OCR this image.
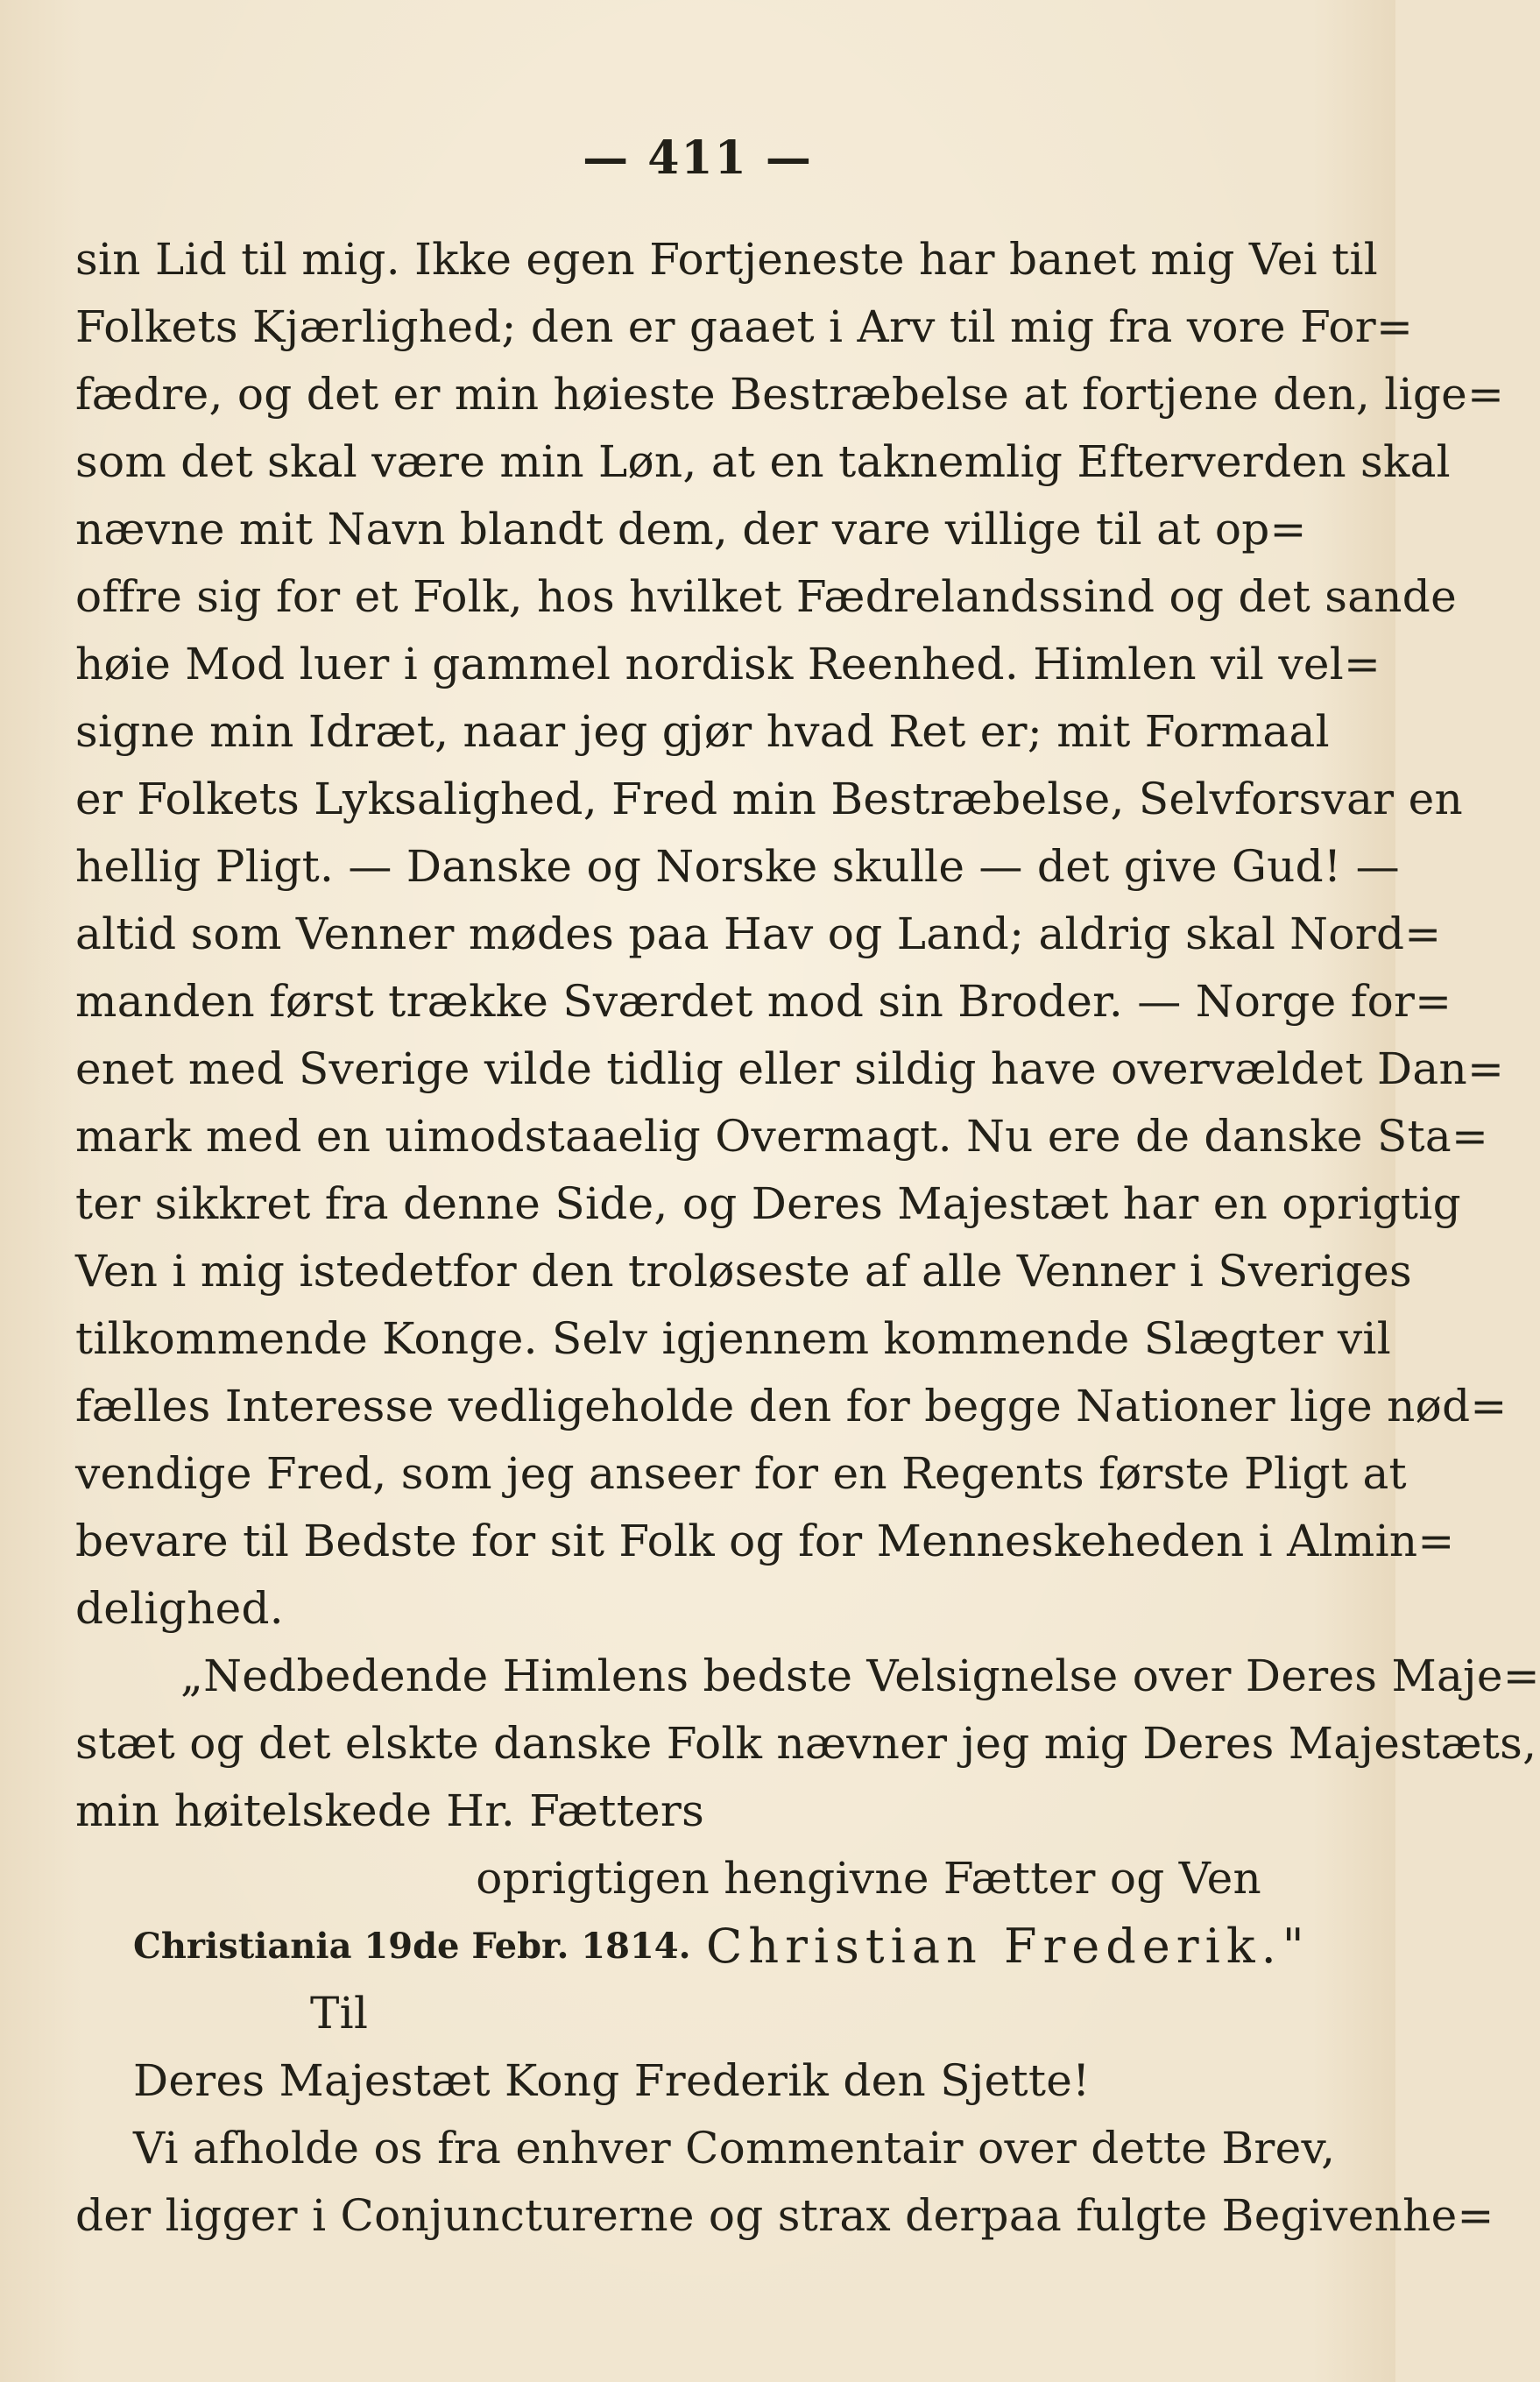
— 411 —
sin Lid til mig. Ikke egen Fortjeneste har banet mig Vei til
Folkets Kjærlighed; den er gaaet i Arv til mig fra vore For=
fædre, og det er min høieste Bestræbelse at fortjene den, lige=
som det skal være min Løn, at en taknemlig Efterverden skal
nævne mit Navn blandt dem, der vare villige til at op=
offre sig for et Folk, hos hvilket Fædrelandssind og det sande
høie Mod luer i gammel nordisk Reenhed. Himlen vil vel=
signe min Idræt, naar jeg gjør hvad Ret er; mit Formaal
er Folkets Lyksalighed, Fred min Bestræbelse, Selvforsvar en
hellig Pligt. — Danske og Norske skulle — det give Gud! —
altid som Venner mødes paa Hav og Land; aldrig skal Nord=
manden først trække Sværdet mod sin Broder. — Norge for=
enet med Sverige vilde tidlig eller sildig have overvældet Dan=
mark med en uimodstaaelig Overmagt. Nu ere de danske Sta=
ter sikkret fra denne Side, og Deres Majestæt har en oprigtig
Ven i mig istedetfor den troløseste af alle Venner i Sveriges
tilkommende Konge. Selv igjennem kommende Slægter vil
fælles Interesse vedligeholde den for begge Nationer lige nød=
vendige Fred, som jeg anseer for en Regents første Pligt at
bevare til Bedste for sit Folk og for Menneskeheden i Almin=
delighed.
„Nedbedende Himlens bedste Velsignelse over Deres Maje=
stæt og det elskte danske Folk nævner jeg mig Deres Majestæts,
min høitelskede Hr. Fætters
oprigtigen hengivne Fætter og Ven
Christiania 19de Febr. 1814. Christian Frederik."
Til
Deres Majestæt Kong Frederik den Sjette!
Vi afholde os fra enhver Commentair over dette Brev,
der ligger i Conjuncturerne og strax derpaa fulgte Begivenhe=
